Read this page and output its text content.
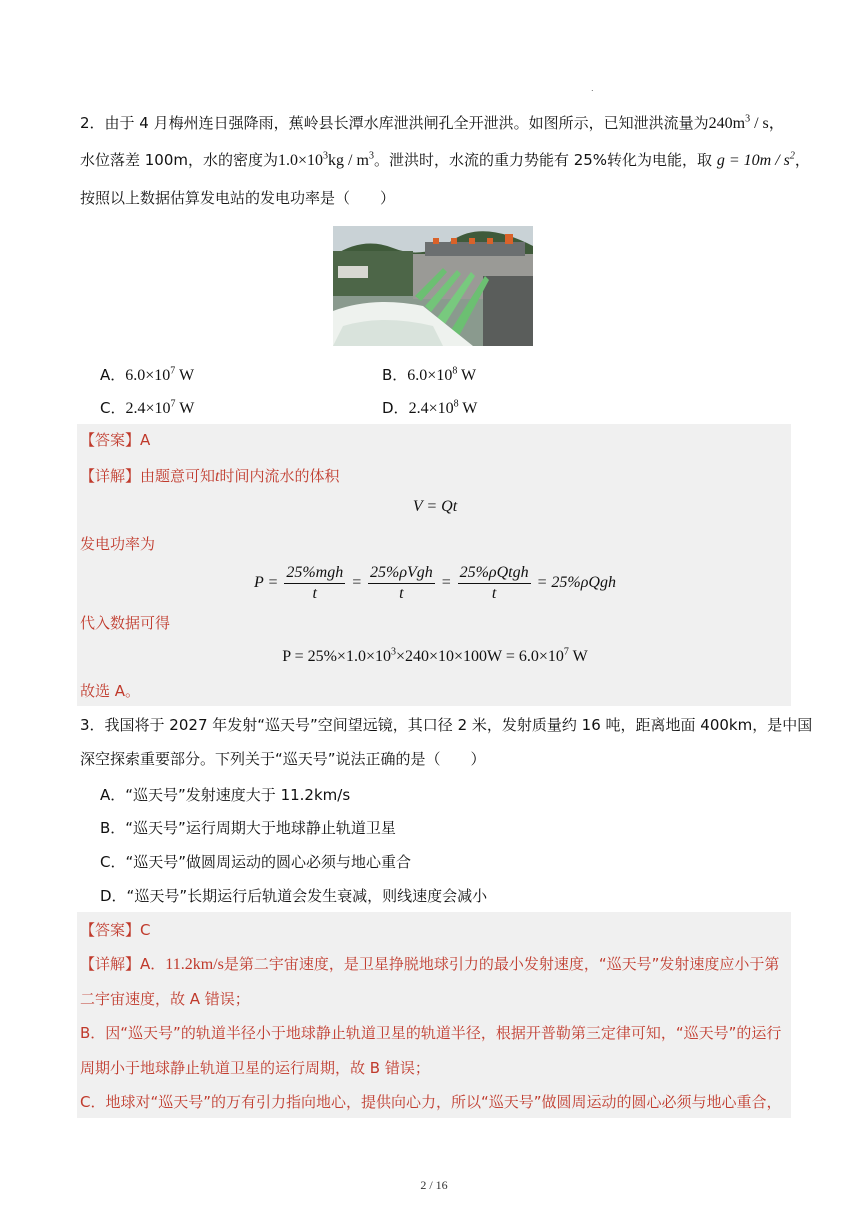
.
2．由于 4 月梅州连日强降雨，蕉岭县长潭水库泄洪闸孔全开泄洪。如图所示，已知泄洪流量为$240m^3$ / s，
水位落差 100m，水的密度为$1.0\times 10^3kg / m^3$。泄洪时，水流的重力势能有 25%转化为电能，取 $g = 10m / s^2$，
按照以上数据估算发电站的发电功率是（　　）
A．$6.0\times 10^7$ W	B．$6.0\times 10^8$ W
C．$2.4\times 10^7$ W	D．$2.4\times 10^8$ W
【答案】A
【详解】由题意可知t时间内流水的体积
V = Qt
发电功率为
$P = \frac{\text{25\%mgh}}{t} = \frac{\text{25\%ρVgh}}{t} = \frac{\text{25\%ρQtgh}}{t} = 25\%\rho Qgh$
代入数据可得
$P = 25\%\times 1.0\times 10^3\times 240\times 10\times 100W = 6.0\times 10^7$ W
故选 A。
3．我国将于 2027 年发射“巡天号”空间望远镜，其口径 2 米，发射质量约 16 吨，距离地面 400km，是中国
深空探索重要部分。下列关于“巡天号”说法正确的是（　　）
A．“巡天号”发射速度大于 11.2km/s
B．“巡天号”运行周期大于地球静止轨道卫星
C．“巡天号”做圆周运动的圆心必须与地心重合
D．“巡天号”长期运行后轨道会发生衰减，则线速度会减小
【答案】C
【详解】A．11.2km/s是第二宇宙速度，是卫星挣脱地球引力的最小发射速度，“巡天号”发射速度应小于第
二宇宙速度，故 A 错误；
B．因“巡天号”的轨道半径小于地球静止轨道卫星的轨道半径，根据开普勒第三定律可知，“巡天号”的运行
周期小于地球静止轨道卫星的运行周期，故 B 错误；
C．地球对“巡天号”的万有引力指向地心，提供向心力，所以“巡天号”做圆周运动的圆心必须与地心重合，
2 / 16
